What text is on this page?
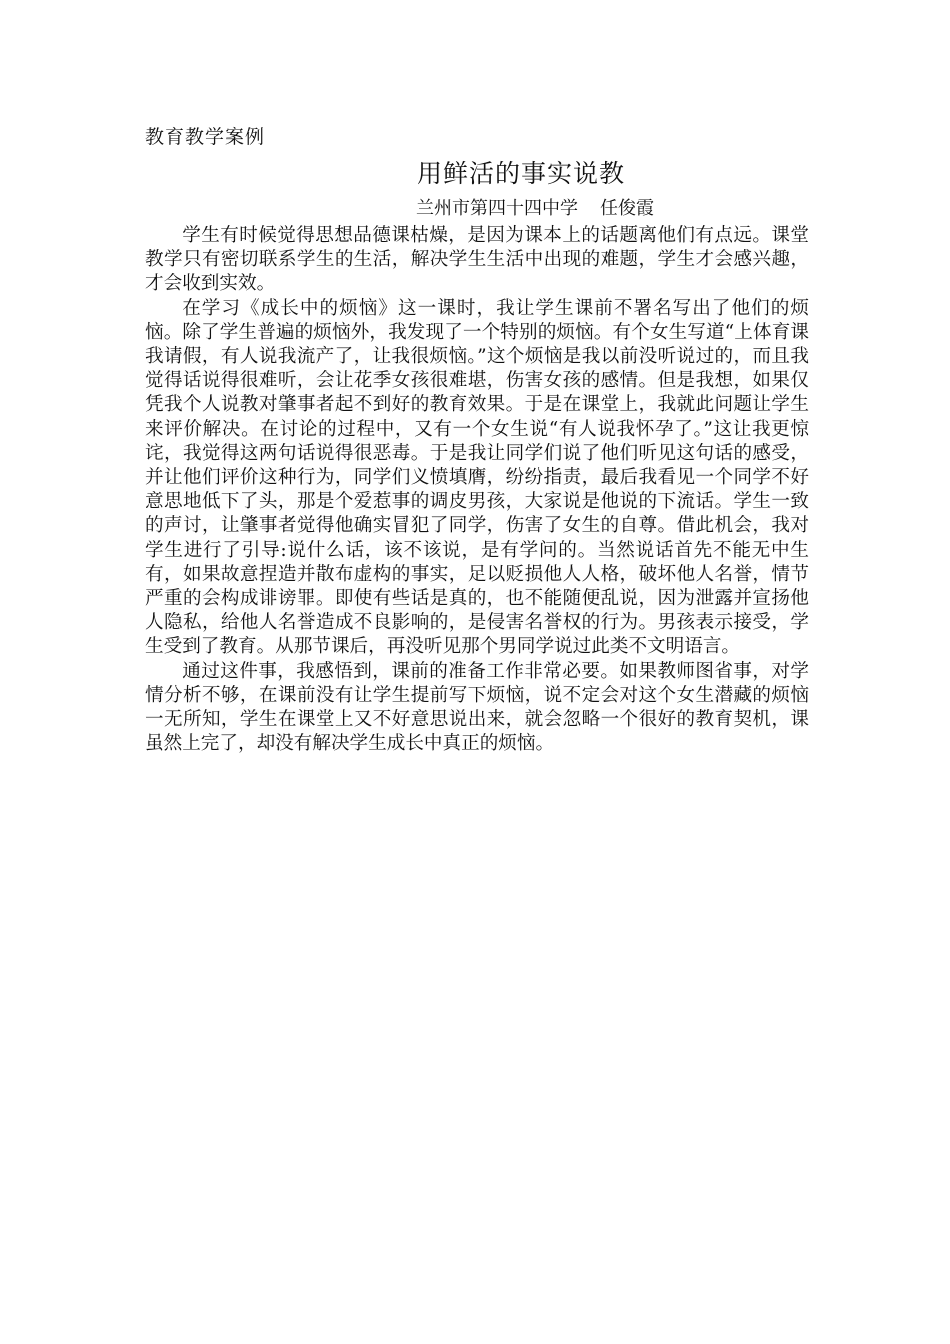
教育教学案例
用鲜活的事实说教
兰州市第四十四中学 任俊霞

学生有时候觉得思想品德课枯燥，是因为课本上的话题离他们有点远。课堂教学只有密切联系学生的生活，解决学生生活中出现的难题，学生才会感兴趣，才会收到实效。

在学习《成长中的烦恼》这一课时，我让学生课前不署名写出了他们的烦恼。除了学生普遍的烦恼外，我发现了一个特别的烦恼。有个女生写道“上体育课我请假，有人说我流产了，让我很烦恼。”这个烦恼是我以前没听说过的，而且我觉得话说得很难听，会让花季女孩很难堪，伤害女孩的感情。但是我想，如果仅凭我个人说教对肇事者起不到好的教育效果。于是在课堂上，我就此问题让学生来评价解决。在讨论的过程中，又有一个女生说“有人说我怀孕了。”这让我更惊诧，我觉得这两句话说得很恶毒。于是我让同学们说了他们听见这句话的感受，并让他们评价这种行为，同学们义愤填膺，纷纷指责，最后我看见一个同学不好意思地低下了头，那是个爱惹事的调皮男孩，大家说是他说的下流话。学生一致的声讨，让肇事者觉得他确实冒犯了同学，伤害了女生的自尊。借此机会，我对学生进行了引导:说什么话，该不该说，是有学问的。当然说话首先不能无中生有，如果故意捏造并散布虚构的事实，足以贬损他人人格，破坏他人名誉，情节严重的会构成诽谤罪。即使有些话是真的，也不能随便乱说，因为泄露并宣扬他人隐私，给他人名誉造成不良影响的，是侵害名誉权的行为。男孩表示接受，学生受到了教育。从那节课后，再没听见那个男同学说过此类不文明语言。

通过这件事，我感悟到，课前的准备工作非常必要。如果教师图省事，对学情分析不够，在课前没有让学生提前写下烦恼，说不定会对这个女生潜藏的烦恼一无所知，学生在课堂上又不好意思说出来，就会忽略一个很好的教育契机，课虽然上完了，却没有解决学生成长中真正的烦恼。
